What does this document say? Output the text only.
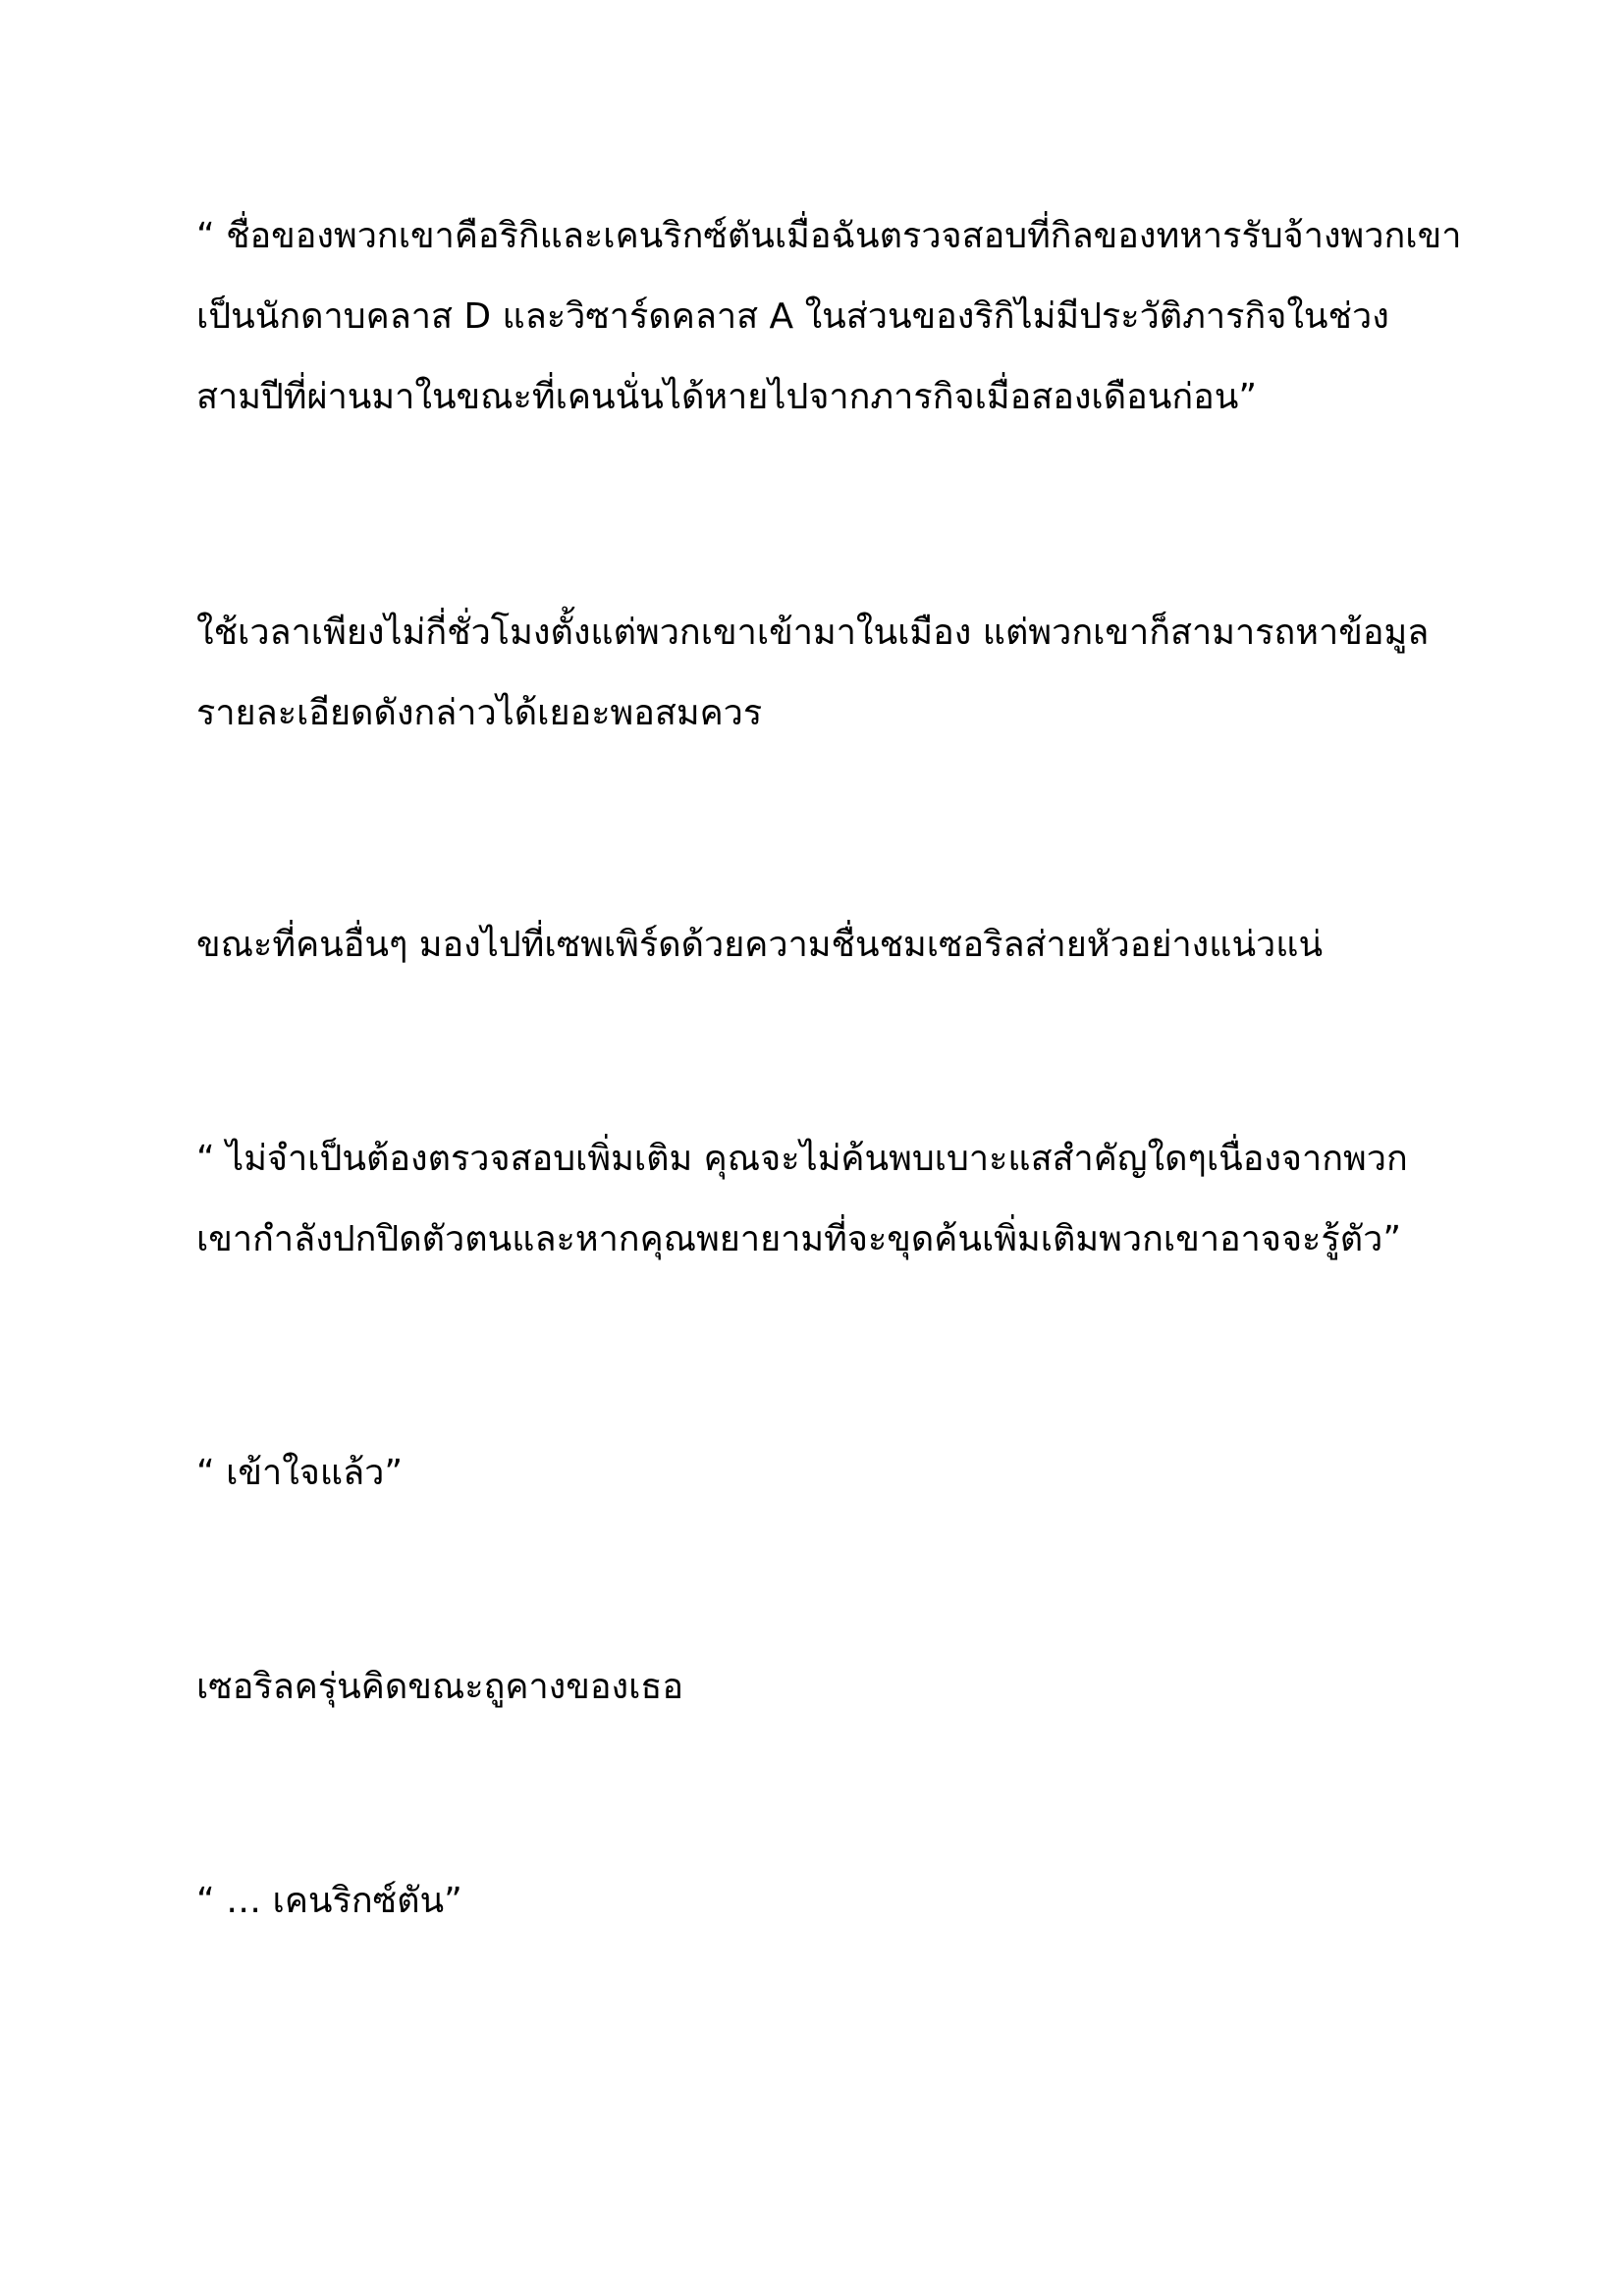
“ ชื่อของพวกเขาคือริกิและเคนริกซ์ตันเมื่อฉันตรวจสอบที่กิลของทหารรับจ้างพวกเขา
เป็นนักดาบคลาส D และวิซาร์ดคลาส A ในส่วนของริกิไม่มีประวัติภารกิจในช่วง
สามปีที่ผ่านมาในขณะที่เคนนั่นได้หายไปจากภารกิจเมื่อสองเดือนก่อน”
ใช้เวลาเพียงไม่กี่ชั่วโมงตั้งแต่พวกเขาเข้ามาในเมือง แต่พวกเขาก็สามารถหาข้อมูล
รายละเอียดดังกล่าวได้เยอะพอสมควร
ขณะที่คนอื่นๆ มองไปที่เซพเพิร์ดด้วยความชื่นชมเซอริลส่ายหัวอย่างแน่วแน่
“ ไม่จำเป็นต้องตรวจสอบเพิ่มเติม คุณจะไม่ค้นพบเบาะแสสำคัญใดๆเนื่องจากพวก
เขากำลังปกปิดตัวตนและหากคุณพยายามที่จะขุดค้นเพิ่มเติมพวกเขาอาจจะรู้ตัว”
“ เข้าใจแล้ว”
เซอริลครุ่นคิดขณะถูคางของเธอ
“ … เคนริกซ์ตัน”
